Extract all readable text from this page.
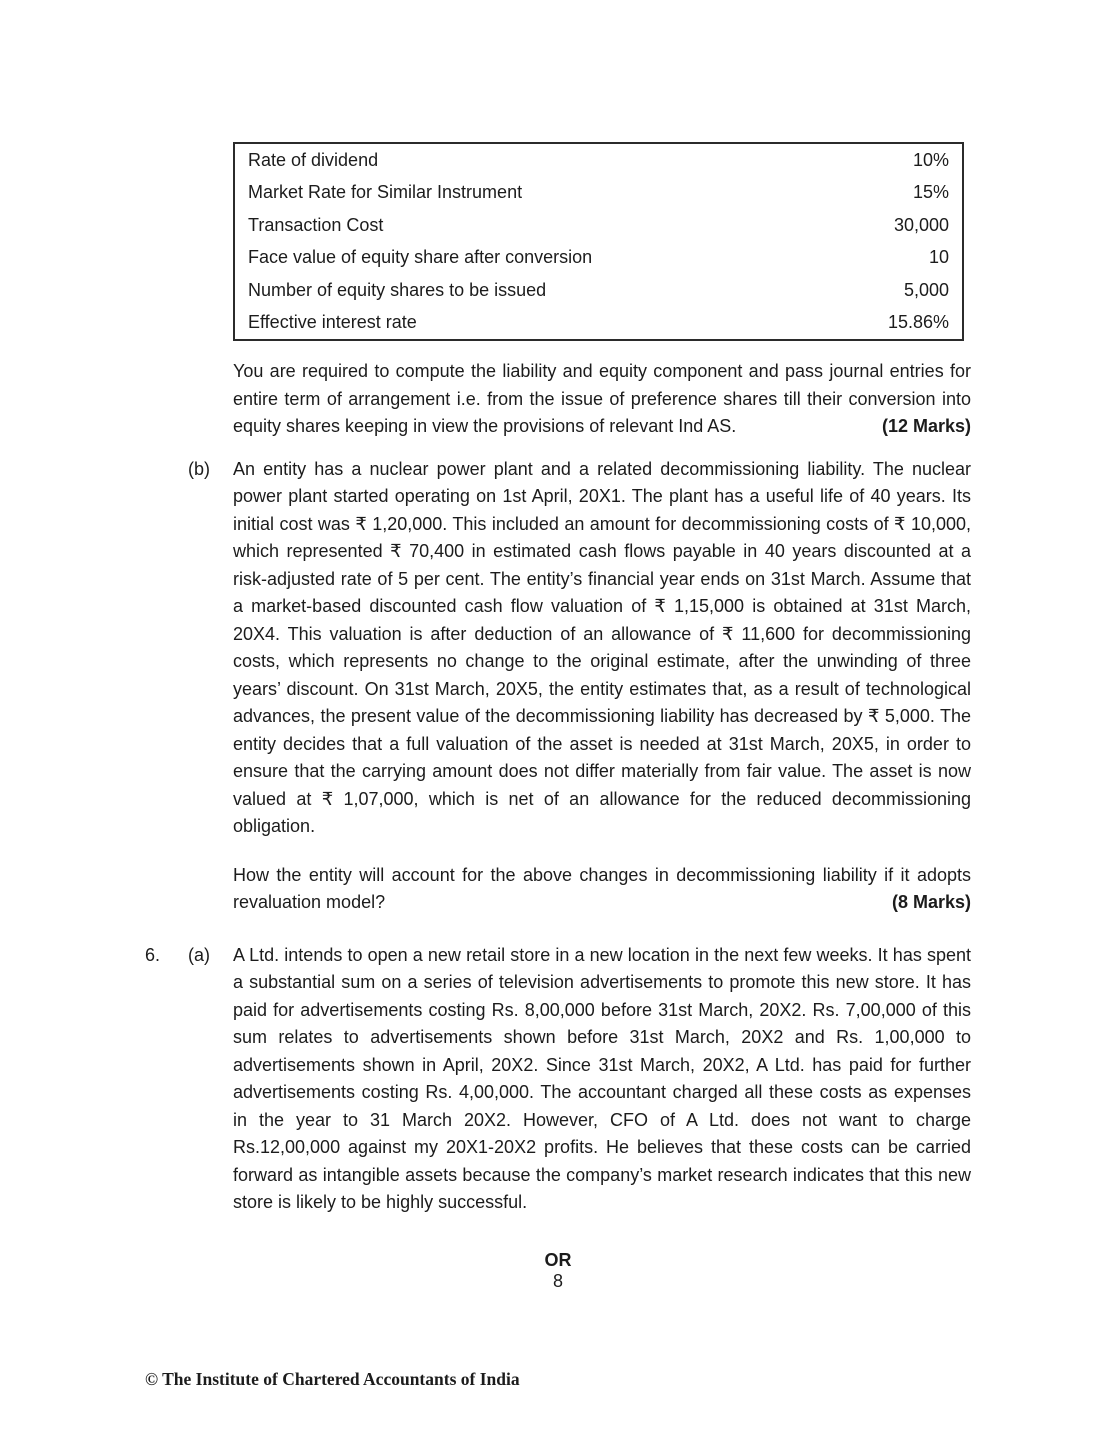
Rate of dividend	10%
Market Rate for Similar Instrument	15%
Transaction Cost	30,000
Face value of equity share after conversion	10
Number of equity shares to be issued	5,000
Effective interest rate	15.86%
You are required to compute the liability and equity component and pass journal entries for entire term of arrangement i.e. from the issue of preference shares till their conversion into equity shares keeping in view the provisions of relevant Ind AS.	(12 Marks)
(b)	An entity has a nuclear power plant and a related decommissioning liability. The nuclear power plant started operating on 1st April, 20X1. The plant has a useful life of 40 years. Its initial cost was ₹ 1,20,000. This included an amount for decommissioning costs of ₹ 10,000, which represented ₹ 70,400 in estimated cash flows payable in 40 years discounted at a risk-adjusted rate of 5 per cent. The entity’s financial year ends on 31st March. Assume that a market-based discounted cash flow valuation of ₹ 1,15,000 is obtained at 31st March, 20X4. This valuation is after deduction of an allowance of ₹ 11,600 for decommissioning costs, which represents no change to the original estimate, after the unwinding of three years’ discount. On 31st March, 20X5, the entity estimates that, as a result of technological advances, the present value of the decommissioning liability has decreased by ₹ 5,000. The entity decides that a full valuation of the asset is needed at 31st March, 20X5, in order to ensure that the carrying amount does not differ materially from fair value. The asset is now valued at ₹ 1,07,000, which is net of an allowance for the reduced decommissioning obligation.
How the entity will account for the above changes in decommissioning liability if it adopts revaluation model?	(8 Marks)
6.	(a)	A Ltd. intends to open a new retail store in a new location in the next few weeks. It has spent a substantial sum on a series of television advertisements to promote this new store. It has paid for advertisements costing Rs. 8,00,000 before 31st March, 20X2. Rs. 7,00,000 of this sum relates to advertisements shown before 31st March, 20X2 and Rs. 1,00,000 to advertisements shown in April, 20X2. Since 31st March, 20X2, A Ltd. has paid for further advertisements costing Rs. 4,00,000. The accountant charged all these costs as expenses in the year to 31 March 20X2. However, CFO of A Ltd. does not want to charge Rs.12,00,000 against my 20X1-20X2 profits. He believes that these costs can be carried forward as intangible assets because the company’s market research indicates that this new store is likely to be highly successful.
OR
8
© The Institute of Chartered Accountants of India
